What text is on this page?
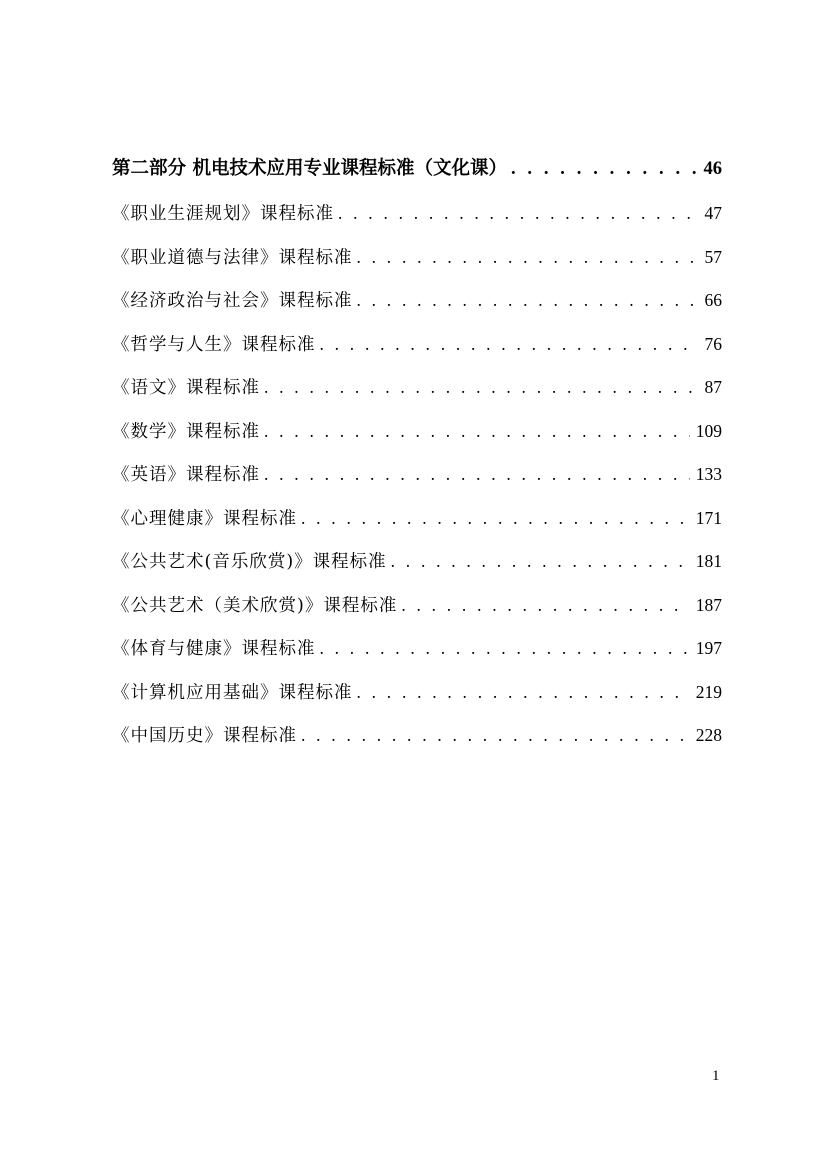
第二部分 机电技术应用专业课程标准（文化课） . . .	46
《职业生涯规划》课程标准 . . .	47
《职业道德与法律》课程标准 . . .	57
《经济政治与社会》课程标准 . . .	66
《哲学与人生》课程标准 . . .	76
《语文》课程标准 . . .	87
《数学》课程标准 . . .	109
《英语》课程标准 . . .	133
《心理健康》课程标准 . . .	171
《公共艺术(音乐欣赏)》课程标准 . . .	181
《公共艺术（美术欣赏)》课程标准 . . .	187
《体育与健康》课程标准 . . .	197
《计算机应用基础》课程标准 . . .	219
《中国历史》课程标准 . . .	228
1
